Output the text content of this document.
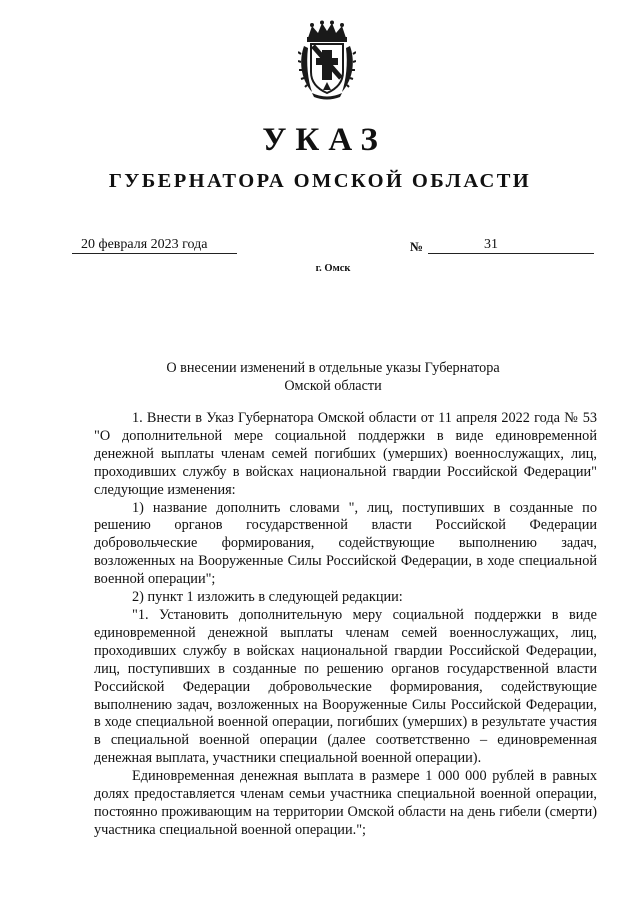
УКАЗ
ГУБЕРНАТОРА ОМСКОЙ ОБЛАСТИ
20 февраля 2023 года	№	31
г. Омск
О внесении изменений в отдельные указы Губернатора
Омской области

1. Внести в Указ Губернатора Омской области от 11 апреля 2022 года № 53 "О дополнительной мере социальной поддержки в виде единовременной денежной выплаты членам семей погибших (умерших) военнослужащих, лиц, проходивших службу в войсках национальной гвардии Российской Федерации" следующие изменения:

1) название дополнить словами ", лиц, поступивших в созданные по решению органов государственной власти Российской Федерации добровольческие формирования, содействующие выполнению задач, возложенных на Вооруженные Силы Российской Федерации, в ходе специальной военной операции";

2) пункт 1 изложить в следующей редакции:

"1. Установить дополнительную меру социальной поддержки в виде единовременной денежной выплаты членам семей военнослужащих, лиц, проходивших службу в войсках национальной гвардии Российской Федерации, лиц, поступивших в созданные по решению органов государственной власти Российской Федерации добровольческие формирования, содействующие выполнению задач, возложенных на Вооруженные Силы Российской Федерации, в ходе специальной военной операции, погибших (умерших) в результате участия в специальной военной операции (далее соответственно – единовременная денежная выплата, участники специальной военной операции).

Единовременная денежная выплата в размере 1 000 000 рублей в равных долях предоставляется членам семьи участника специальной военной операции, постоянно проживающим на территории Омской области на день гибели (смерти) участника специальной военной операции.";
